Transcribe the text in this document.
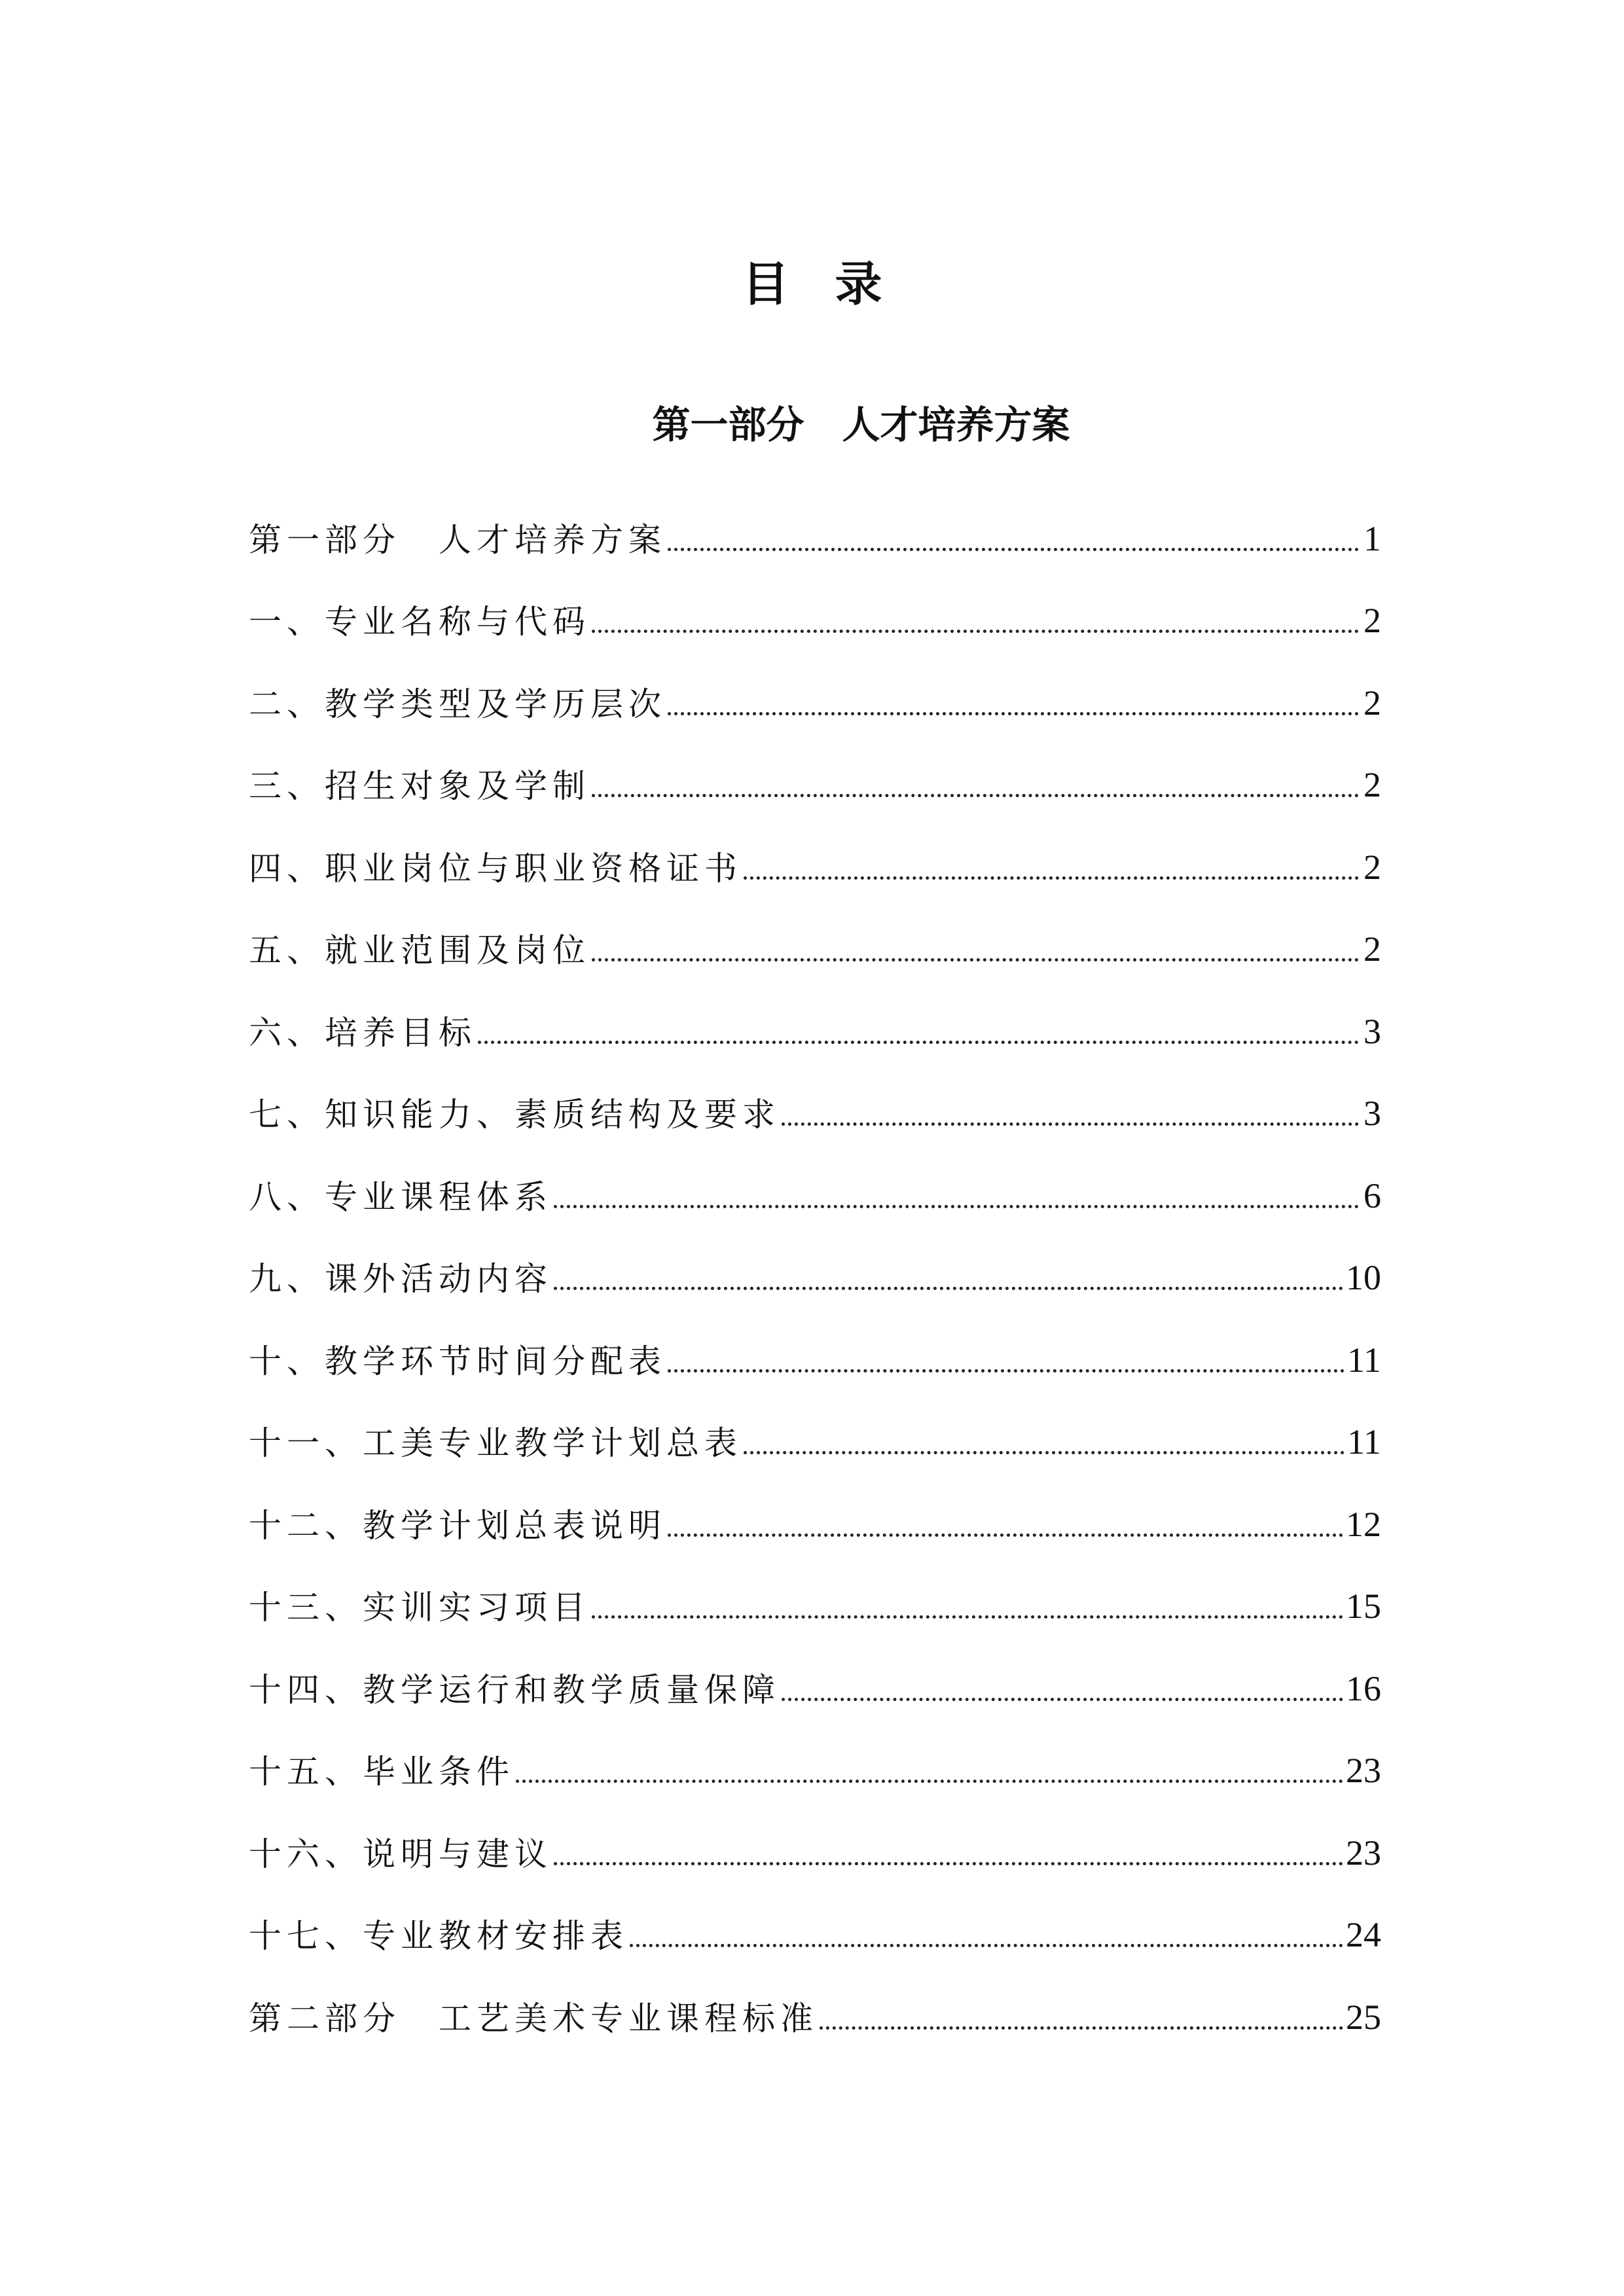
目 录
第一部分　人才培养方案
第一部分　人才培养方案	1
一、专业名称与代码	2
二、教学类型及学历层次	2
三、招生对象及学制	2
四、职业岗位与职业资格证书	2
五、就业范围及岗位	2
六、培养目标	3
七、知识能力、素质结构及要求	3
八、专业课程体系	6
九、课外活动内容	10
十、教学环节时间分配表	11
十一、工美专业教学计划总表	11
十二、教学计划总表说明	12
十三、实训实习项目	15
十四、教学运行和教学质量保障	16
十五、毕业条件	23
十六、说明与建议	23
十七、专业教材安排表	24
第二部分　工艺美术专业课程标准	25
